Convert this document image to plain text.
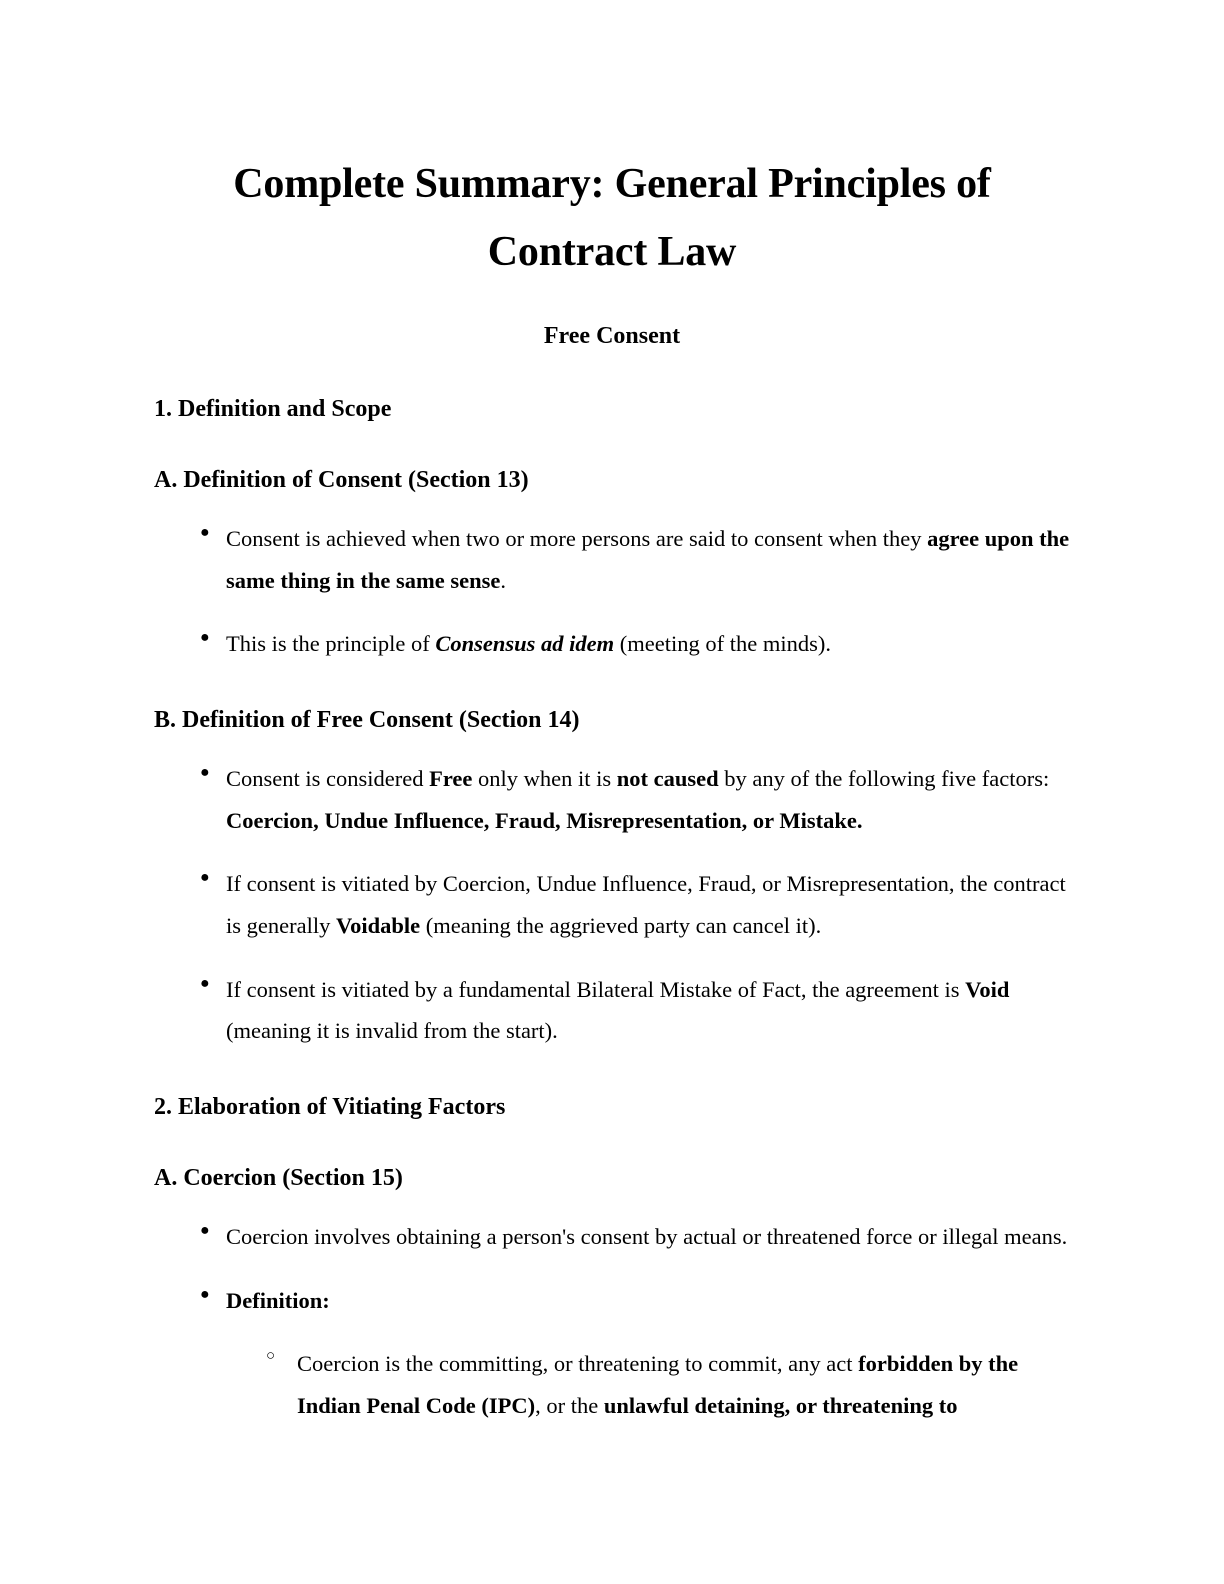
Complete Summary: General Principles of Contract Law
Free Consent
1. Definition and Scope
A. Definition of Consent (Section 13)
● Consent is achieved when two or more persons are said to consent when they agree upon the same thing in the same sense.
● This is the principle of Consensus ad idem (meeting of the minds).
B. Definition of Free Consent (Section 14)
● Consent is considered Free only when it is not caused by any of the following five factors: Coercion, Undue Influence, Fraud, Misrepresentation, or Mistake.
● If consent is vitiated by Coercion, Undue Influence, Fraud, or Misrepresentation, the contract is generally Voidable (meaning the aggrieved party can cancel it).
● If consent is vitiated by a fundamental Bilateral Mistake of Fact, the agreement is Void (meaning it is invalid from the start).
2. Elaboration of Vitiating Factors
A. Coercion (Section 15)
● Coercion involves obtaining a person's consent by actual or threatened force or illegal means.
● Definition:
○ Coercion is the committing, or threatening to commit, any act forbidden by the Indian Penal Code (IPC), or the unlawful detaining, or threatening to
